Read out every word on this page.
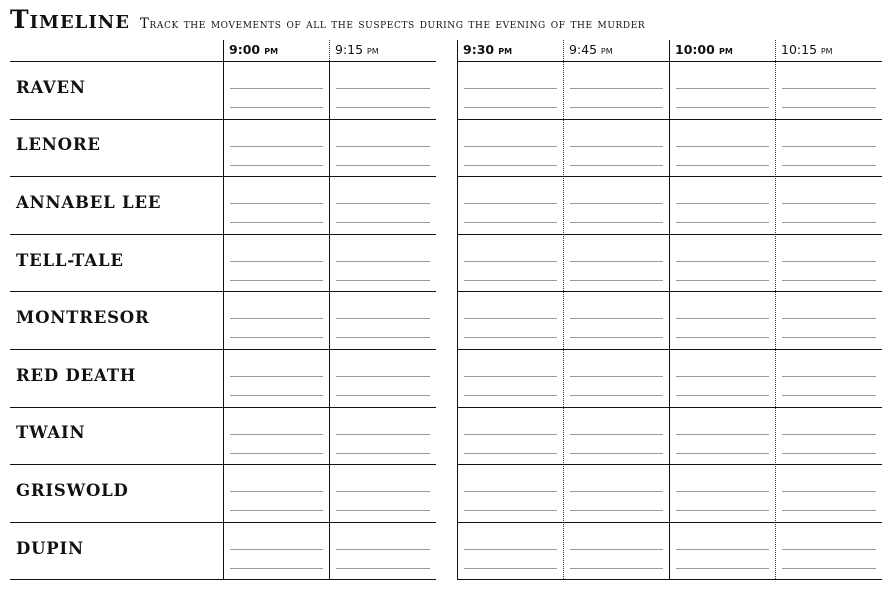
Timeline Track the movements of all the suspects during the evening of the murder
9:00 pm	9:15 pm	9:30 pm	9:45 pm	10:00 pm	10:15 pm
RAVEN
LENORE
ANNABEL LEE
TELL-TALE
MONTRESOR
RED DEATH
TWAIN
GRISWOLD
DUPIN
